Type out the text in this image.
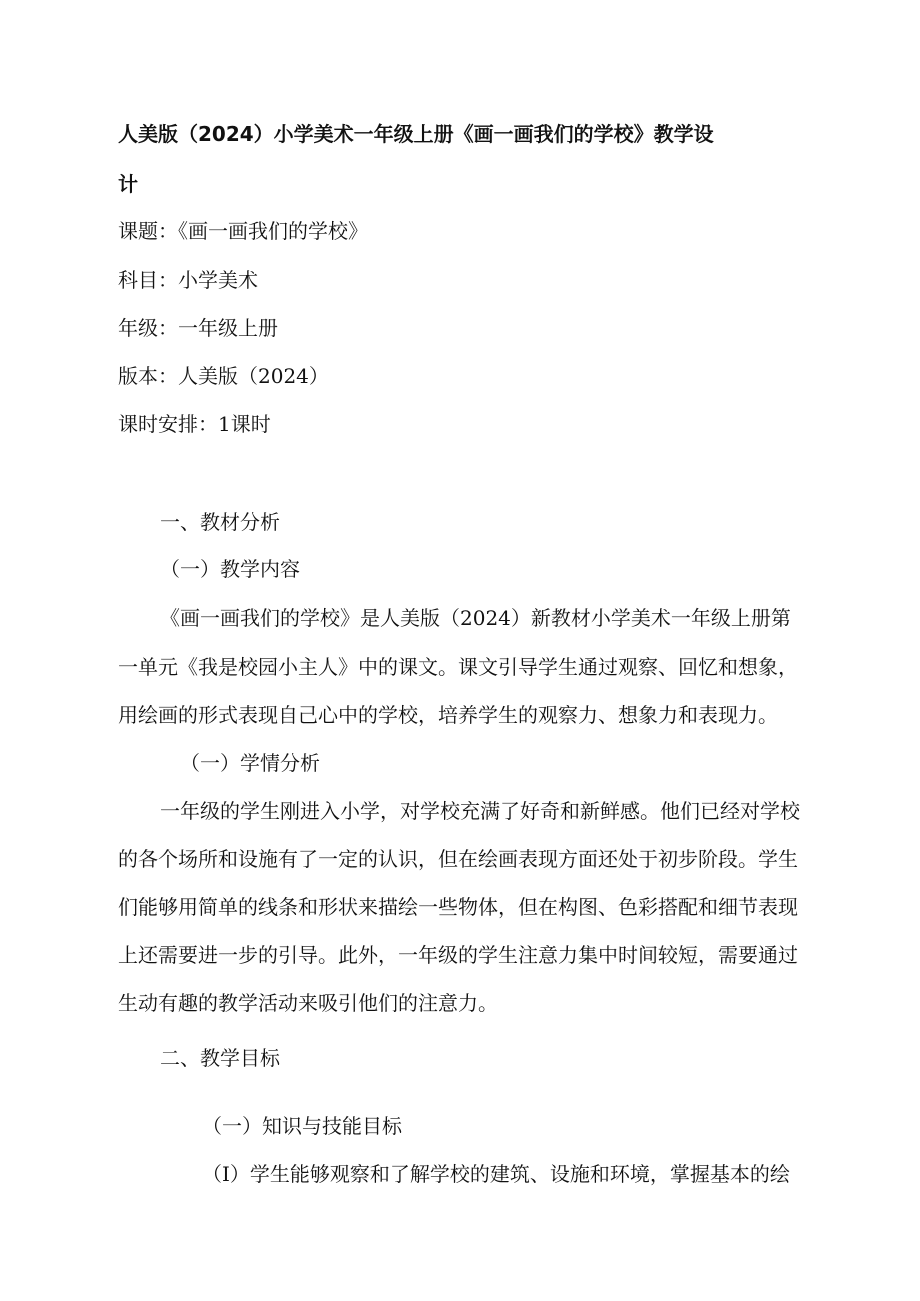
人美版（2024）小学美术一年级上册《画一画我们的学校》教学设

计

课题：《画一画我们的学校》

科目：小学美术

年级：一年级上册

版本：人美版（2024）

课时安排：1课时

一、教材分析

（一）教学内容

《画一画我们的学校》是人美版（2024）新教材小学美术一年级上册第

一单元《我是校园小主人》中的课文。课文引导学生通过观察、回忆和想象，

用绘画的形式表现自己心中的学校，培养学生的观察力、想象力和表现力。

（一）学情分析

一年级的学生刚进入小学，对学校充满了好奇和新鲜感。他们已经对学校

的各个场所和设施有了一定的认识，但在绘画表现方面还处于初步阶段。学生

们能够用简单的线条和形状来描绘一些物体，但在构图、色彩搭配和细节表现

上还需要进一步的引导。此外，一年级的学生注意力集中时间较短，需要通过

生动有趣的教学活动来吸引他们的注意力。

二、教学目标

（一）知识与技能目标

（I）学生能够观察和了解学校的建筑、设施和环境，掌握基本的绘
